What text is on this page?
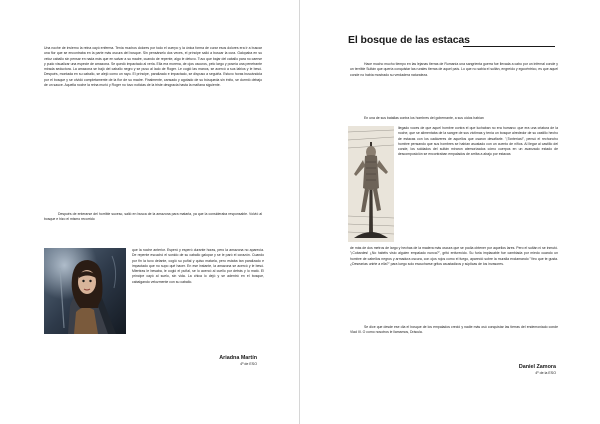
Una noche de invierno la reina cayó enferma. Tenía muchos dolores por todo el cuerpo y la única forma de curar esos dolores era ir a buscar una flor que se encontraba en la parte más oscura del bosque. Sin pensárselo dos veces, el príncipe salió a buscar la cura. Galopaba en su veloz caballo sin pensar en nada más que en salvar a su madre, cuando de repente, algo le detuvo. Tuvo que bajar del caballo para no caerse y pudo visualizar una especie de amazona. Se quedó impactado al verla. Ella era morena, de ojos oscuros, pelo largo y poseía una penetrante mirada seductora. La amazona se bajó del caballo negro y se puso al lado de Roger. Le cogió las manos, se acercó a sus labios y le besó. Después, montada en su caballo, se alejó como un rayo. El príncipe, paralizado e impactado, se dispuso a seguirla. Estuvo horas buscándola por el bosque y se olvidó completamente de la flor de su madre. Finalmente, cansado y agotado de su búsqueda sin éxito, se durmió debajo de un sauce. Aquella noche la reina murió y Roger no tuvo noticias de la triste desgracia hasta la mañana siguiente.

Después de enterarse del horrible suceso, salió en busca de la amazona para matarla, ya que la consideraba responsable. Volvió al bosque e hizo el mismo recorrido

que la noche anterior. Esperó y esperó durante horas, pero la amazona no aparecía. De repente escuchó el sonido de su caballo galopar y se le paró el corazón. Cuando por fin la tuvo delante, cogió su puñal y quiso matarla, pero estaba tan paralizado e impactado que no supo qué hacer. En ese instante, la amazona se acercó y le besó. Mientras le besaba, le cogió el puñal, se lo acercó al cuello por detrás y lo mató. El príncipe cayó al suelo, sin vida. La chica lo dejó y se adentró en el bosque, cabalgando velozmente con su caballo.

Ariadna Martín
4º de ESO
El bosque de las estacas

Hace mucho mucho tiempo en las lejanas tierras de Rumanía una sangrienta guerra fue llevada a cabo por un infernal conde y un terrible Sultán que quería conquistar las rurales tierras de aquel país. Lo que no sabía el sultán, engreído y egocéntrico, es que aquel conde no había mostrado su verdadera naturaleza.

En una de sus batallas contra los hombres del gobernante, a sus oídos habían

llegado voces de que aquel hombre contra el que luchaban no era humano: que era una criatura de la noche, que se alimentaba de la sangre de sus víctimas y tenía un bosque alrededor de su castillo hecho de estacas con los cadáveres de aquellos que osaron desafiarle. "¡Tonterías!", pensó el rechoncho hombre pensando que sus hombres se habían asustado con un cuento de niños. Al llegar al castillo del conde, los soldados del sultán miraron atemorizados cómo cuerpos en un avanzado estado de descomposición se encontraban empalados de arriba a abajo por estacas

de más de dos metros de largo y hechas de la madera más oscura que se podía obtener por aquellos lares. Pero el sultán ni se inmutó. "¡Cobardes! ¿No habéis visto alguien empalado nunca?", gritó enfurecido. Su furia implacable fue cambiada por miedo cuando un hombre de cabellos negros y armadura oscura, con ojos rojos como el fuego, apareció sobre la muralla exclamando "Veo que te gusta. ¿Desearías unirte a ella?" para luego solo escucharse gritos asustadizos y súplicas de los invasores.

Se dice que desde ese día el bosque de los empalados creció y nadie más osó conquistar las tierras del endemoniado conde Vlad III. O como nosotros le llamamos, Drácula.

Daniel Zamora
4º de la ESO
